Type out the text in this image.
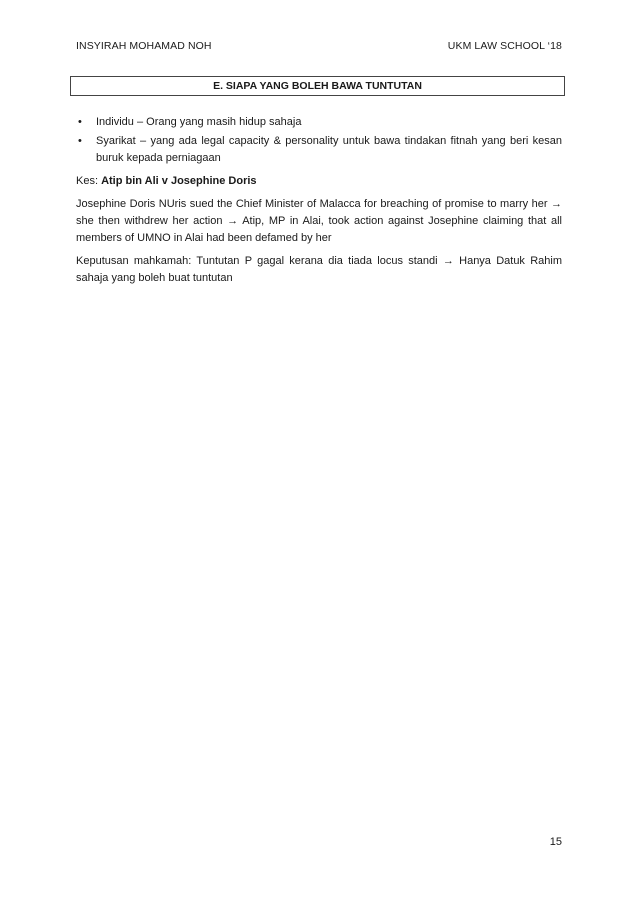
INSYIRAH MOHAMAD NOH	UKM LAW SCHOOL ‘18
E. SIAPA YANG BOLEH BAWA TUNTUTAN
• Individu – Orang yang masih hidup sahaja
• Syarikat – yang ada legal capacity & personality untuk bawa tindakan fitnah yang beri kesan buruk kepada perniagaan

Kes: Atip bin Ali v Josephine Doris

Josephine Doris NUris sued the Chief Minister of Malacca for breaching of promise to marry her → she then withdrew her action → Atip, MP in Alai, took action against Josephine claiming that all members of UMNO in Alai had been defamed by her

Keputusan mahkamah: Tuntutan P gagal kerana dia tiada locus standi → Hanya Datuk Rahim sahaja yang boleh buat tuntutan

15
